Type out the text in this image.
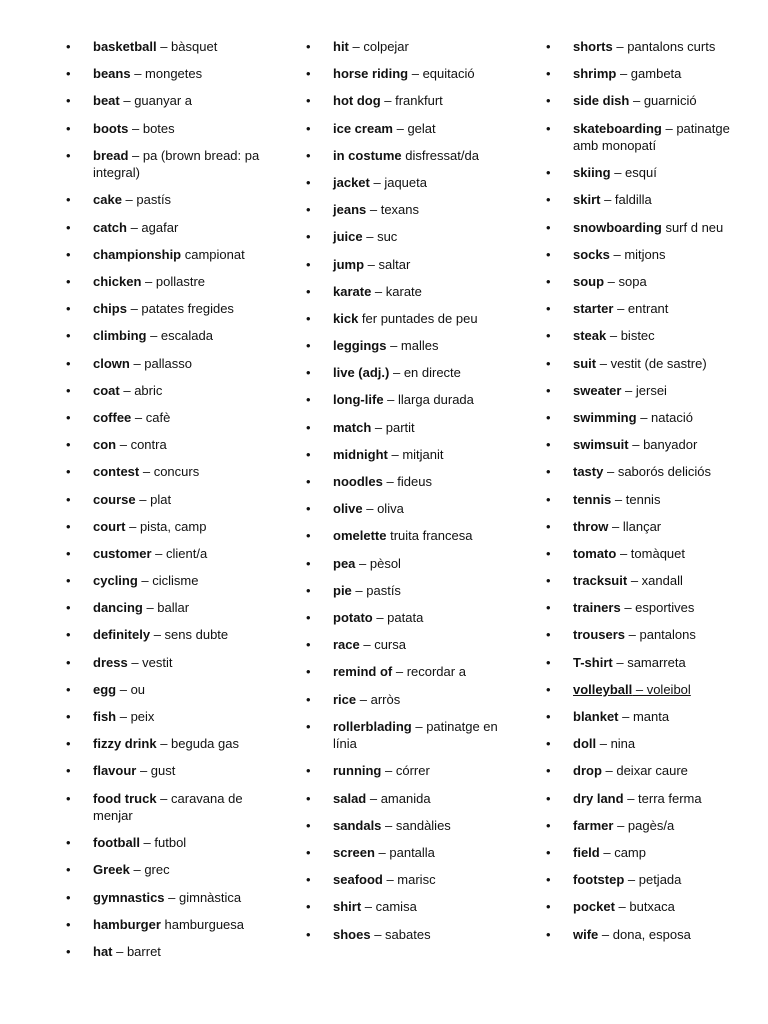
• basketball – bàsquet
• beans – mongetes
• beat – guanyar a
• boots – botes
• bread – pa (brown bread: pa integral)
• cake – pastís
• catch – agafar
• championship campionat
• chicken – pollastre
• chips – patates fregides
• climbing – escalada
• clown – pallasso
• coat – abric
• coffee – cafè
• con – contra
• contest – concurs
• course – plat
• court – pista, camp
• customer – client/a
• cycling – ciclisme
• dancing – ballar
• definitely – sens dubte
• dress – vestit
• egg – ou
• fish – peix
• fizzy drink – beguda gas
• flavour – gust
• food truck – caravana de menjar
• football – futbol
• Greek – grec
• gymnastics – gimnàstica
• hamburger hamburguesa
• hat – barret
• hit – colpejar
• horse riding – equitació
• hot dog – frankfurt
• ice cream – gelat
• in costume disfressat/da
• jacket – jaqueta
• jeans – texans
• juice – suc
• jump – saltar
• karate – karate
• kick fer puntades de peu
• leggings – malles
• live (adj.) – en directe
• long-life – llarga durada
• match – partit
• midnight – mitjanit
• noodles – fideus
• olive – oliva
• omelette truita francesa
• pea – pèsol
• pie – pastís
• potato – patata
• race – cursa
• remind of – recordar a
• rice – arròs
• rollerblading – patinatge en línia
• running – córrer
• salad – amanida
• sandals – sandàlies
• screen – pantalla
• seafood – marisc
• shirt – camisa
• shoes – sabates
• shorts – pantalons curts
• shrimp – gambeta
• side dish – guarnició
• skateboarding – patinatge amb monopatí
• skiing – esquí
• skirt – faldilla
• snowboarding surf d neu
• socks – mitjons
• soup – sopa
• starter – entrant
• steak – bistec
• suit – vestit (de sastre)
• sweater – jersei
• swimming – natació
• swimsuit – banyador
• tasty – saborós deliciós
• tennis – tennis
• throw – llançar
• tomato – tomàquet
• tracksuit – xandall
• trainers – esportives
• trousers – pantalons
• T-shirt – samarreta
• volleyball – voleibol
• blanket – manta
• doll – nina
• drop – deixar caure
• dry land – terra ferma
• farmer – pagès/a
• field – camp
• footstep – petjada
• pocket – butxaca
• wife – dona, esposa
